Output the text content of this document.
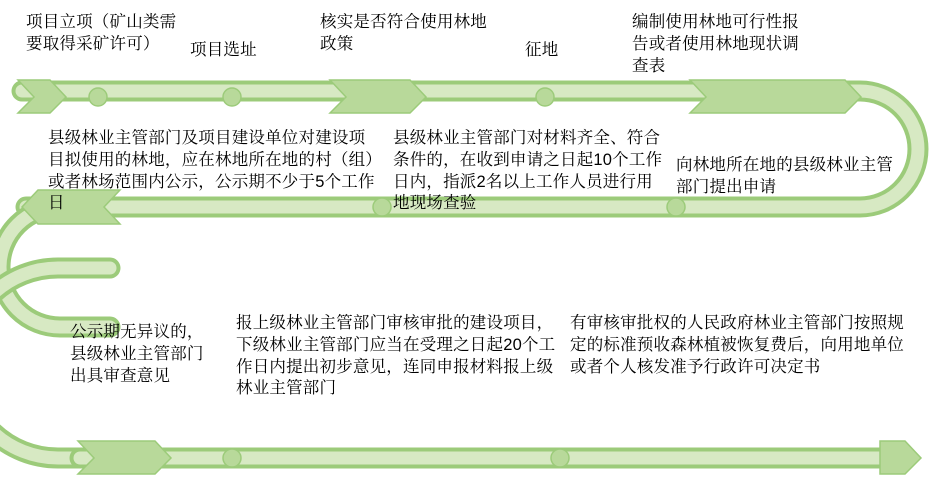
项目立项（矿山类需要取得采矿许可）	项目选址
核实是否符合使用林地政策	征地
编制使用林地可行性报告或者使用林地现状调查表
县级林业主管部门及项目建设单位对建设项目拟使用的林地，应在林地所在地的村（组）或者林场范围内公示，公示期不少于5个工作日
县级林业主管部门对材料齐全、符合条件的，在收到申请之日起10个工作日内，指派2名以上工作人员进行用地现场查验
向林地所在地的县级林业主管部门提出申请
公示期无异议的，县级林业主管部门出具审查意见
报上级林业主管部门审核审批的建设项目，下级林业主管部门应当在受理之日起20个工作日内提出初步意见，连同申报材料报上级林业主管部门
有审核审批权的人民政府林业主管部门按照规定的标准预收森林植被恢复费后，向用地单位或者个人核发准予行政许可决定书
